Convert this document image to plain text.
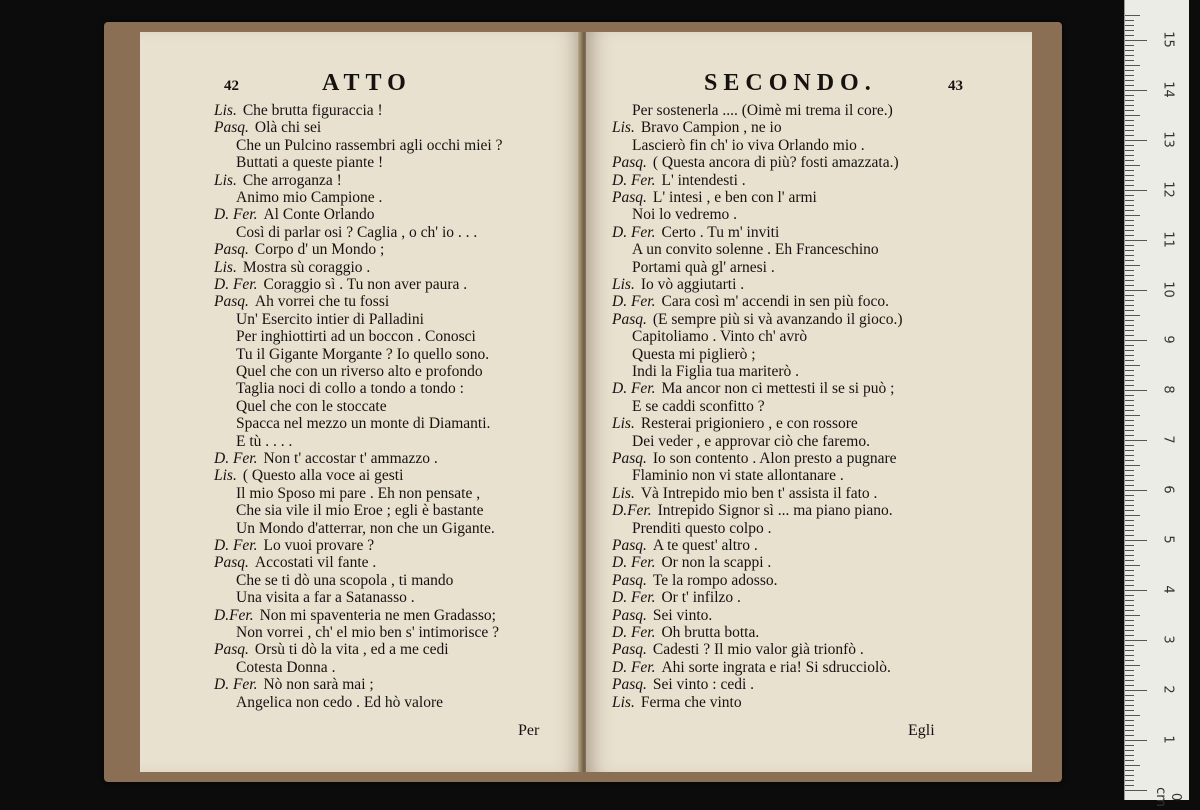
42	ATTO
Lis. Che brutta figuraccia !
Pasq. Olà chi sei
Che un Pulcino rassembri agli occhi miei ?
Buttati a queste piante !
Lis. Che arroganza !
Animo mio Campione .
D. Fer. Al Conte Orlando
Così di parlar osi ? Caglia , o ch' io . . .
Pasq. Corpo d' un Mondo ;
Lis. Mostra sù coraggio .
D. Fer. Coraggio sì . Tu non aver paura .
Pasq. Ah vorrei che tu fossi
Un' Esercito intier di Palladini
Per inghiottirti ad un boccon . Conosci
Tu il Gigante Morgante ? Io quello sono.
Quel che con un riverso alto e profondo
Taglia noci di collo a tondo a tondo :
Quel che con le stoccate
Spacca nel mezzo un monte di Diamanti.
E tù . . . .
D. Fer. Non t' accostar t' ammazzo .
Lis. ( Questo alla voce ai gesti
Il mio Sposo mi pare . Eh non pensate ,
Che sia vile il mio Eroe ; egli è bastante
Un Mondo d'atterrar, non che un Gigante.
D. Fer. Lo vuoi provare ?
Pasq. Accostati vil fante .
Che se ti dò una scopola , ti mando
Una visita a far a Satanasso .
D.Fer. Non mi spaventeria ne men Gradasso;
Non vorrei , ch' el mio ben s' intimorisce ?
Pasq. Orsù ti dò la vita , ed a me cedi
Cotesta Donna .
D. Fer. Nò non sarà mai ;
Angelica non cedo . Ed hò valore
Per
SECONDO.	43
Per sostenerla .... (Oimè mi trema il core.)
Lis. Bravo Campion , ne io
Lascierò fin ch' io viva Orlando mio .
Pasq. ( Questa ancora di più? fosti amazzata.)
D. Fer. L' intendesti .
Pasq. L' intesi , e ben con l' armi
Noi lo vedremo .
D. Fer. Certo . Tu m' inviti
A un convito solenne . Eh Franceschino
Portami quà gl' arnesi .
Lis. Io vò aggiutarti .
D. Fer. Cara così m' accendi in sen più foco.
Pasq. (E sempre più si và avanzando il gioco.)
Capitoliamo . Vinto ch' avrò
Questa mi piglierò ;
Indi la Figlia tua mariterò .
D. Fer. Ma ancor non ci mettesti il se si può ;
E se caddi sconfitto ?
Lis. Resterai prigioniero , e con rossore
Dei veder , e approvar ciò che faremo.
Pasq. Io son contento . Alon presto a pugnare
Flaminio non vi state allontanare .
Lis. Và Intrepido mio ben t' assista il fato .
D.Fer. Intrepido Signor sì ... ma piano piano.
Prenditi questo colpo .
Pasq. A te quest' altro .
D. Fer. Or non la scappi .
Pasq. Te la rompo adosso.
D. Fer. Or t' infilzo .
Pasq. Sei vinto.
D. Fer. Oh brutta botta.
Pasq. Cadesti ? Il mio valor già trionfò .
D. Fer. Ahi sorte ingrata e ria! Si sdrucciolò.
Pasq. Sei vinto : cedi .
Lis. Ferma che vinto
Egli
0 cm
1
2
3
4
5
6
7
8
9
10
11
12
13
14
15
